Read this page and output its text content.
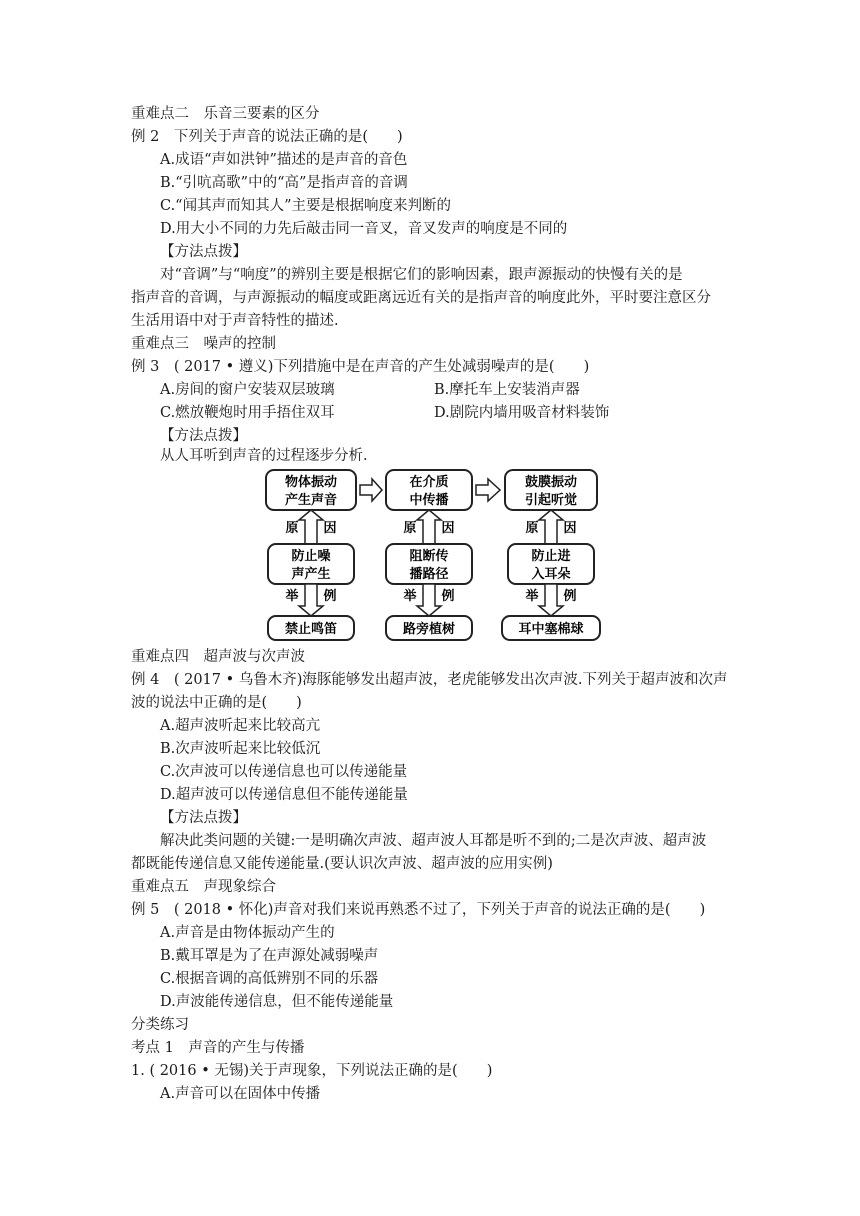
重难点二　乐音三要素的区分
例 2　下列关于声音的说法正确的是(　　)
A.成语“声如洪钟”描述的是声音的音色
B.“引吭高歌”中的“高”是指声音的音调
C.“闻其声而知其人”主要是根据响度来判断的
D.用大小不同的力先后敲击同一音叉，音叉发声的响度是不同的
【方法点拨】
对“音调”与“响度”的辨别主要是根据它们的影响因素，跟声源振动的快慢有关的是
指声音的音调，与声源振动的幅度或距离远近有关的是指声音的响度此外，平时要注意区分
生活用语中对于声音特性的描述.
重难点三　噪声的控制
例 3　( 2017 • 遵义)下列措施中是在声音的产生处减弱噪声的是(　　)
A.房间的窗户安装双层玻璃	B.摩托车上安装消声器
C.燃放鞭炮时用手捂住双耳	D.剧院内墙用吸音材料装饰
【方法点拨】
从人耳听到声音的过程逐步分析.
物体振动
产生声音
在介质
中传播
鼓膜振动
引起听觉
原 因	原 因	原 因
防止噪
声产生
阻断传
播路径
防止进
入耳朵
举 例	举 例	举 例
禁止鸣笛	路旁植树	耳中塞棉球
重难点四　超声波与次声波
例 4　( 2017 • 乌鲁木齐)海豚能够发出超声波，老虎能够发出次声波.下列关于超声波和次声
波的说法中正确的是(　　)
A.超声波听起来比较高亢
B.次声波听起来比较低沉
C.次声波可以传递信息也可以传递能量
D.超声波可以传递信息但不能传递能量
【方法点拨】
解决此类问题的关键:一是明确次声波、超声波人耳都是听不到的;二是次声波、超声波
都既能传递信息又能传递能量.(要认识次声波、超声波的应用实例)
重难点五　声现象综合
例 5　( 2018 • 怀化)声音对我们来说再熟悉不过了，下列关于声音的说法正确的是(　　)
A.声音是由物体振动产生的
B.戴耳罩是为了在声源处减弱噪声
C.根据音调的高低辨别不同的乐器
D.声波能传递信息，但不能传递能量
分类练习
考点 1　声音的产生与传播
1. ( 2016 • 无锡)关于声现象，下列说法正确的是(　　)
A.声音可以在固体中传播
